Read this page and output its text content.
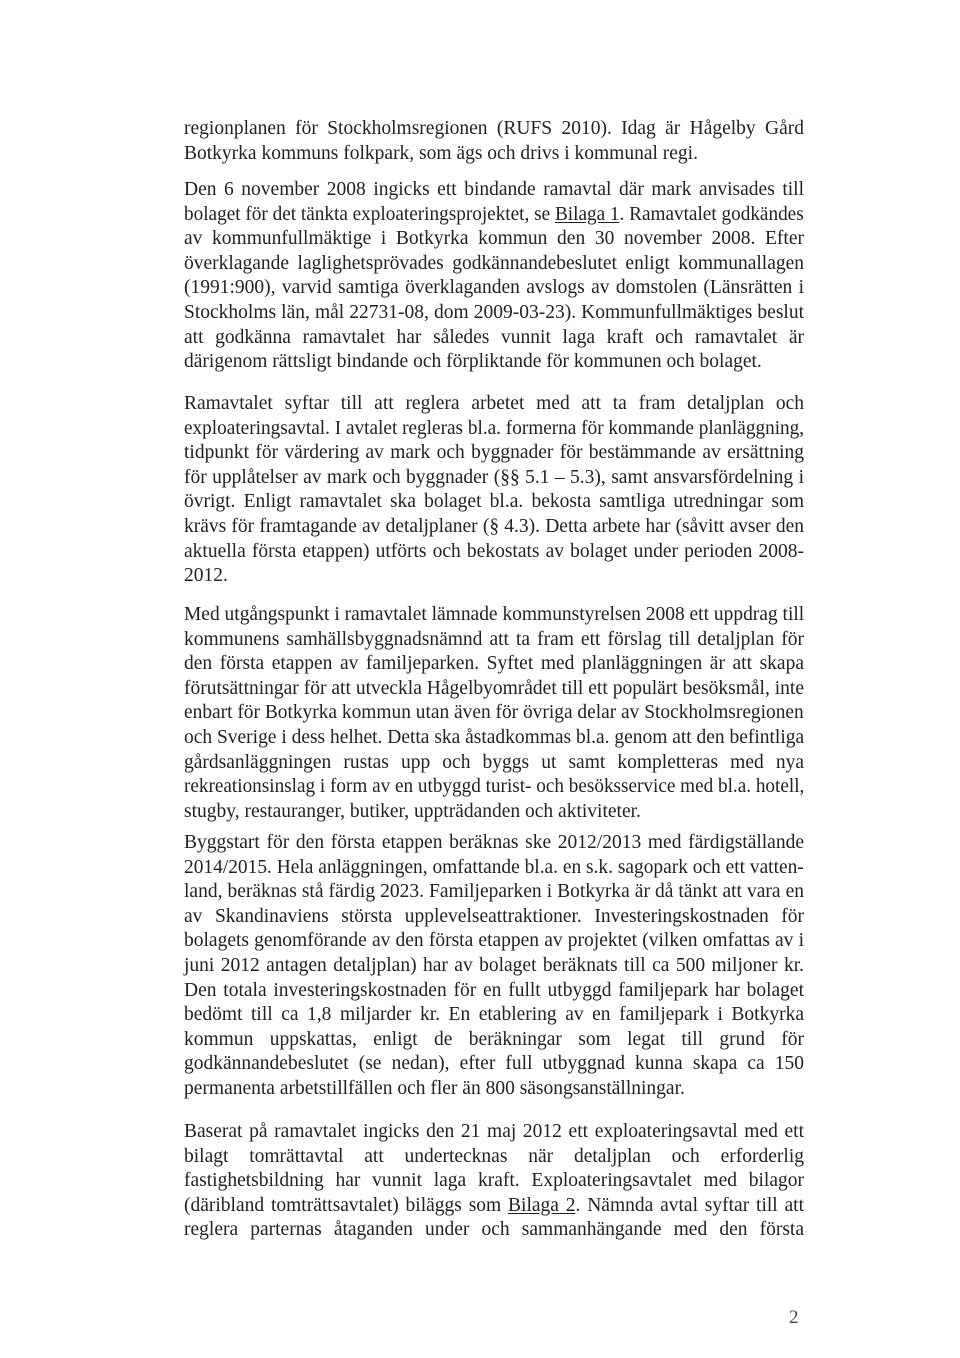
regionplanen för Stockholmsregionen (RUFS 2010). Idag är Hågelby Gård
Botkyrka kommuns folkpark, som ägs och drivs i kommunal regi.
Den 6 november 2008 ingicks ett bindande ramavtal där mark anvisades till
bolaget för det tänkta exploateringsprojektet, se Bilaga 1. Ramavtalet godkändes
av kommunfullmäktige i Botkyrka kommun den 30 november 2008. Efter
överklagande laglighetsprövades godkännandebeslutet enligt kommunallagen
(1991:900), varvid samtiga överklaganden avslogs av domstolen (Länsrätten i
Stockholms län, mål 22731-08, dom 2009-03-23). Kommunfullmäktiges beslut
att godkänna ramavtalet har således vunnit laga kraft och ramavtalet är
därigenom rättsligt bindande och förpliktande för kommunen och bolaget.
Ramavtalet syftar till att reglera arbetet med att ta fram detaljplan och
exploateringsavtal. I avtalet regleras bl.a. formerna för kommande planläggning,
tidpunkt för värdering av mark och byggnader för bestämmande av ersättning
för upplåtelser av mark och byggnader (§§ 5.1 – 5.3), samt ansvarsfördelning i
övrigt. Enligt ramavtalet ska bolaget bl.a. bekosta samtliga utredningar som
krävs för framtagande av detaljplaner (§ 4.3). Detta arbete har (såvitt avser den
aktuella första etappen) utförts och bekostats av bolaget under perioden 2008-
2012.
Med utgångspunkt i ramavtalet lämnade kommunstyrelsen 2008 ett uppdrag till
kommunens samhällsbyggnadsnämnd att ta fram ett förslag till detaljplan för
den första etappen av familjeparken. Syftet med planläggningen är att skapa
förutsättningar för att utveckla Hågelbyområdet till ett populärt besöksmål, inte
enbart för Botkyrka kommun utan även för övriga delar av Stockholmsregionen
och Sverige i dess helhet. Detta ska åstadkommas bl.a. genom att den befintliga
gårdsanläggningen rustas upp och byggs ut samt kompletteras med nya
rekreationsinslag i form av en utbyggd turist- och besöksservice med bl.a. hotell,
stugby, restauranger, butiker, uppträdanden och aktiviteter.
Byggstart för den första etappen beräknas ske 2012/2013 med färdigställande
2014/2015. Hela anläggningen, omfattande bl.a. en s.k. sagopark och ett vatten-
land, beräknas stå färdig 2023. Familjeparken i Botkyrka är då tänkt att vara en
av Skandinaviens största upplevelseattraktioner. Investeringskostnaden för
bolagets genomförande av den första etappen av projektet (vilken omfattas av i
juni 2012 antagen detaljplan) har av bolaget beräknats till ca 500 miljoner kr.
Den totala investeringskostnaden för en fullt utbyggd familjepark har bolaget
bedömt till ca 1,8 miljarder kr. En etablering av en familjepark i Botkyrka
kommun uppskattas, enligt de beräkningar som legat till grund för
godkännandebeslutet (se nedan), efter full utbyggnad kunna skapa ca 150
permanenta arbetstillfällen och fler än 800 säsongsanställningar.
Baserat på ramavtalet ingicks den 21 maj 2012 ett exploateringsavtal med ett
bilagt tomrättavtal att undertecknas när detaljplan och erforderlig
fastighetsbildning har vunnit laga kraft. Exploateringsavtalet med bilagor
(däribland tomträttsavtalet) biläggs som Bilaga 2. Nämnda avtal syftar till att
reglera parternas åtaganden under och sammanhängande med den första
2
